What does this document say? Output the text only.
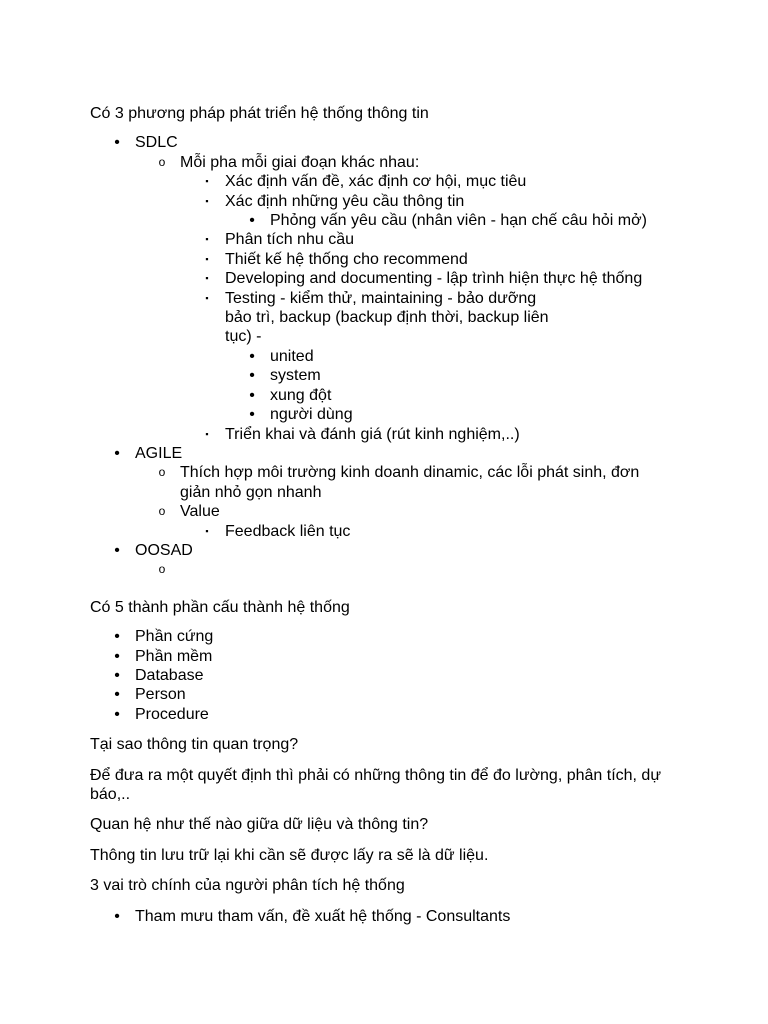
Có 3 phương pháp phát triển hệ thống thông tin

• SDLC
o Mỗi pha mỗi giai đoạn khác nhau:
▪ Xác định vấn đề, xác định cơ hội, mục tiêu
▪ Xác định những yêu cầu thông tin
• Phỏng vấn yêu cầu (nhân viên - hạn chế câu hỏi mở)
▪ Phân tích nhu cầu
▪ Thiết kế hệ thống cho recommend
▪ Developing and documenting - lập trình hiện thực hệ thống
▪ Testing - kiểm thử, maintaining - bảo dưỡng bảo trì, backup (backup định thời, backup liên tục) -
• united
• system
• xung đột
• người dùng
▪ Triển khai và đánh giá (rút kinh nghiệm,..)
• AGILE
o Thích hợp môi trường kinh doanh dinamic, các lỗi phát sinh, đơn giản nhỏ gọn nhanh
o Value
▪ Feedback liên tục
• OOSAD
o

Có 5 thành phần cấu thành hệ thống

• Phần cứng
• Phần mềm
• Database
• Person
• Procedure

Tại sao thông tin quan trọng?

Để đưa ra một quyết định thì phải có những thông tin để đo lường, phân tích, dự báo,..

Quan hệ như thế nào giữa dữ liệu và thông tin?

Thông tin lưu trữ lại khi cần sẽ được lấy ra sẽ là dữ liệu.

3 vai trò chính của người phân tích hệ thống

• Tham mưu tham vấn, đề xuất hệ thống - Consultants
